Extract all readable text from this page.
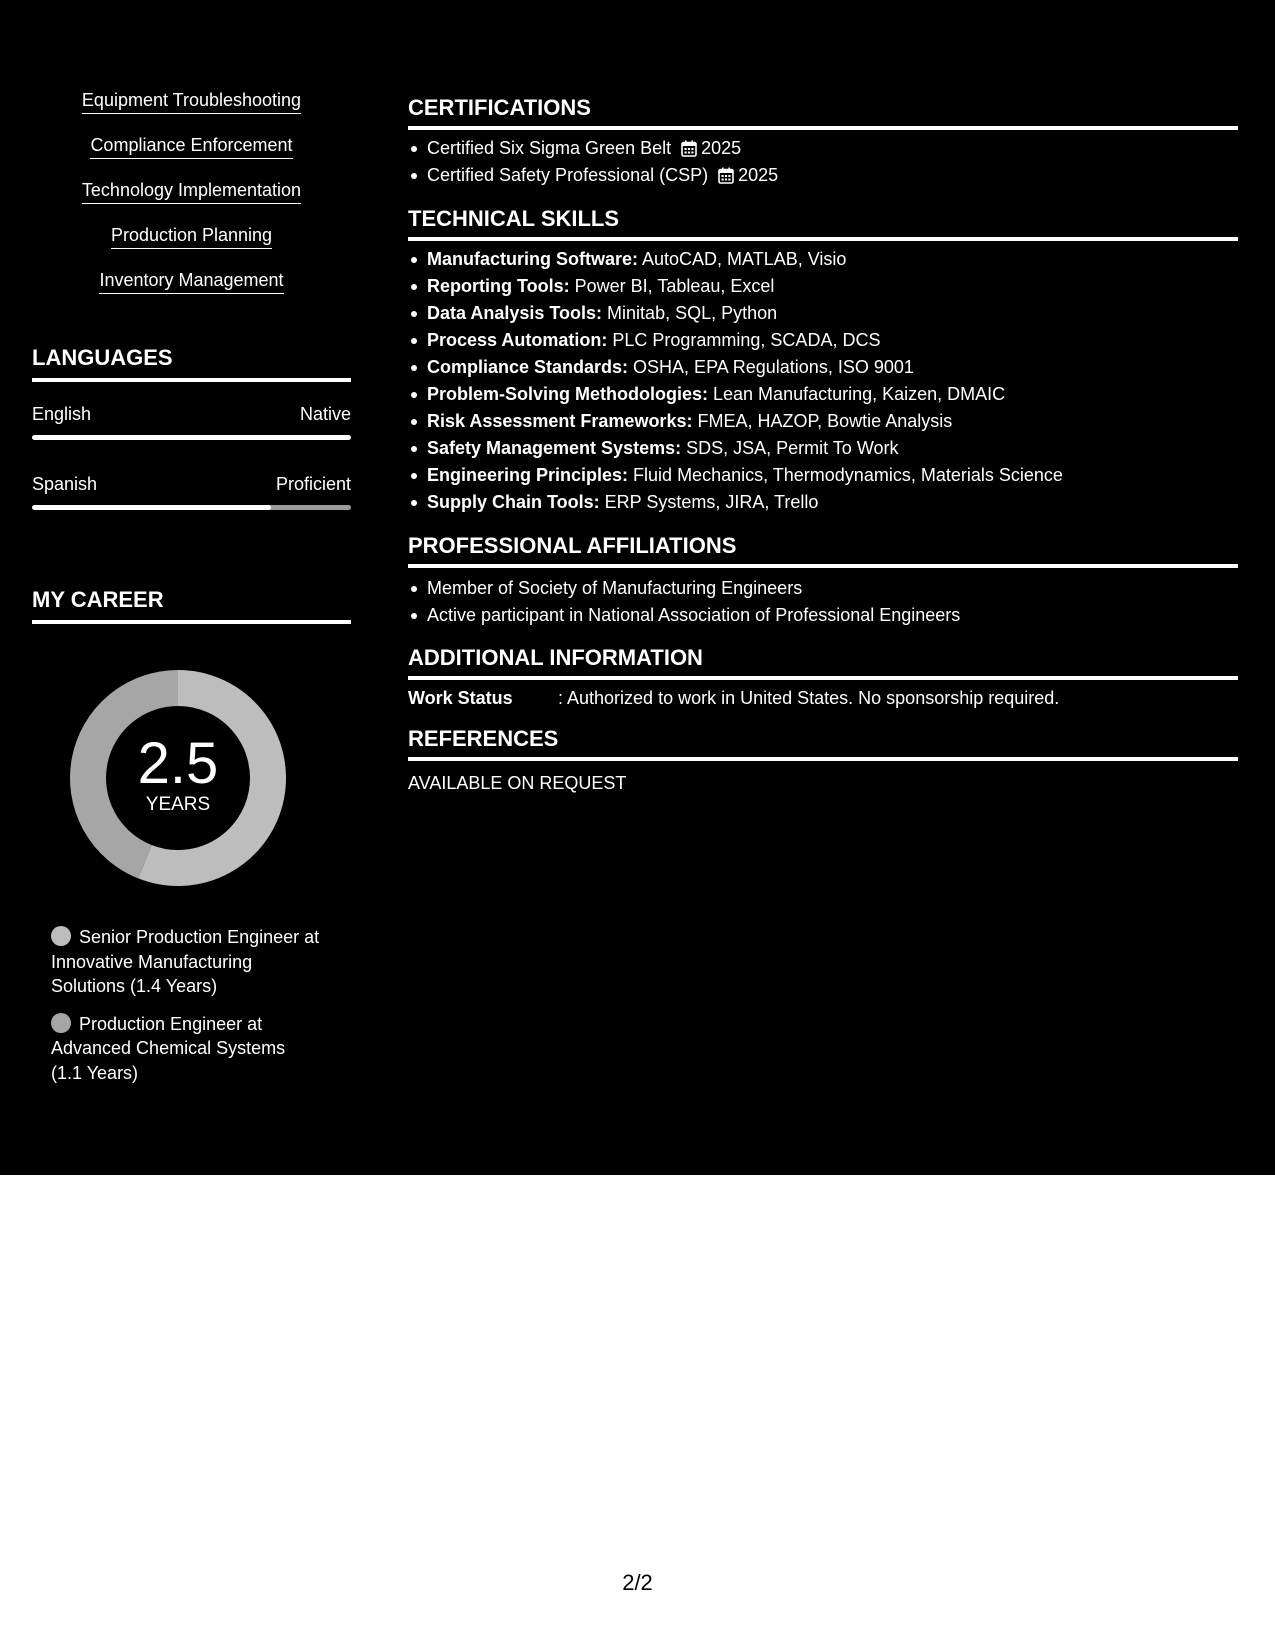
Equipment Troubleshooting
Compliance Enforcement
Technology Implementation
Production Planning
Inventory Management
LANGUAGES
English	Native
Spanish	Proficient
MY CAREER
2.5
YEARS
Senior Production Engineer at Innovative Manufacturing Solutions (1.4 Years)
Production Engineer at Advanced Chemical Systems (1.1 Years)
CERTIFICATIONS
Certified Six Sigma Green Belt 2025
Certified Safety Professional (CSP) 2025
TECHNICAL SKILLS
Manufacturing Software: AutoCAD, MATLAB, Visio
Reporting Tools: Power BI, Tableau, Excel
Data Analysis Tools: Minitab, SQL, Python
Process Automation: PLC Programming, SCADA, DCS
Compliance Standards: OSHA, EPA Regulations, ISO 9001
Problem-Solving Methodologies: Lean Manufacturing, Kaizen, DMAIC
Risk Assessment Frameworks: FMEA, HAZOP, Bowtie Analysis
Safety Management Systems: SDS, JSA, Permit To Work
Engineering Principles: Fluid Mechanics, Thermodynamics, Materials Science
Supply Chain Tools: ERP Systems, JIRA, Trello
PROFESSIONAL AFFILIATIONS
Member of Society of Manufacturing Engineers
Active participant in National Association of Professional Engineers
ADDITIONAL INFORMATION
Work Status	: Authorized to work in United States. No sponsorship required.
REFERENCES
AVAILABLE ON REQUEST
2/2
